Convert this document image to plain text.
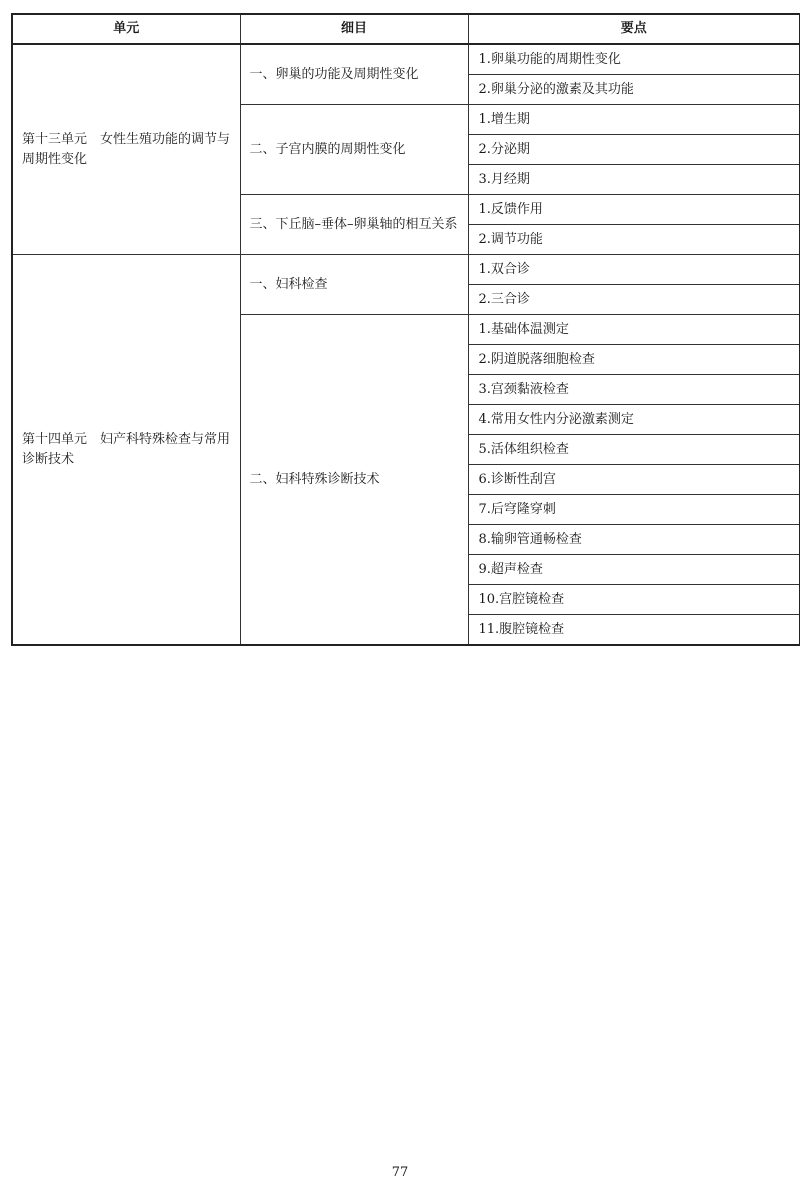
单元	细目	要点
第十三单元　女性生殖功能的调节与周期性变化	一、卵巢的功能及周期性变化	1.卵巢功能的周期性变化
		2.卵巢分泌的激素及其功能
	二、子宫内膜的周期性变化	1.增生期
		2.分泌期
		3.月经期
	三、下丘脑–垂体–卵巢轴的相互关系	1.反馈作用
		2.调节功能
第十四单元　妇产科特殊检查与常用诊断技术	一、妇科检查	1.双合诊
		2.三合诊
	二、妇科特殊诊断技术	1.基础体温测定
		2.阴道脱落细胞检查
		3.宫颈黏液检查
		4.常用女性内分泌激素测定
		5.活体组织检查
		6.诊断性刮宫
		7.后穹隆穿刺
		8.输卵管通畅检查
		9.超声检查
		10.宫腔镜检查
		11.腹腔镜检查
77
